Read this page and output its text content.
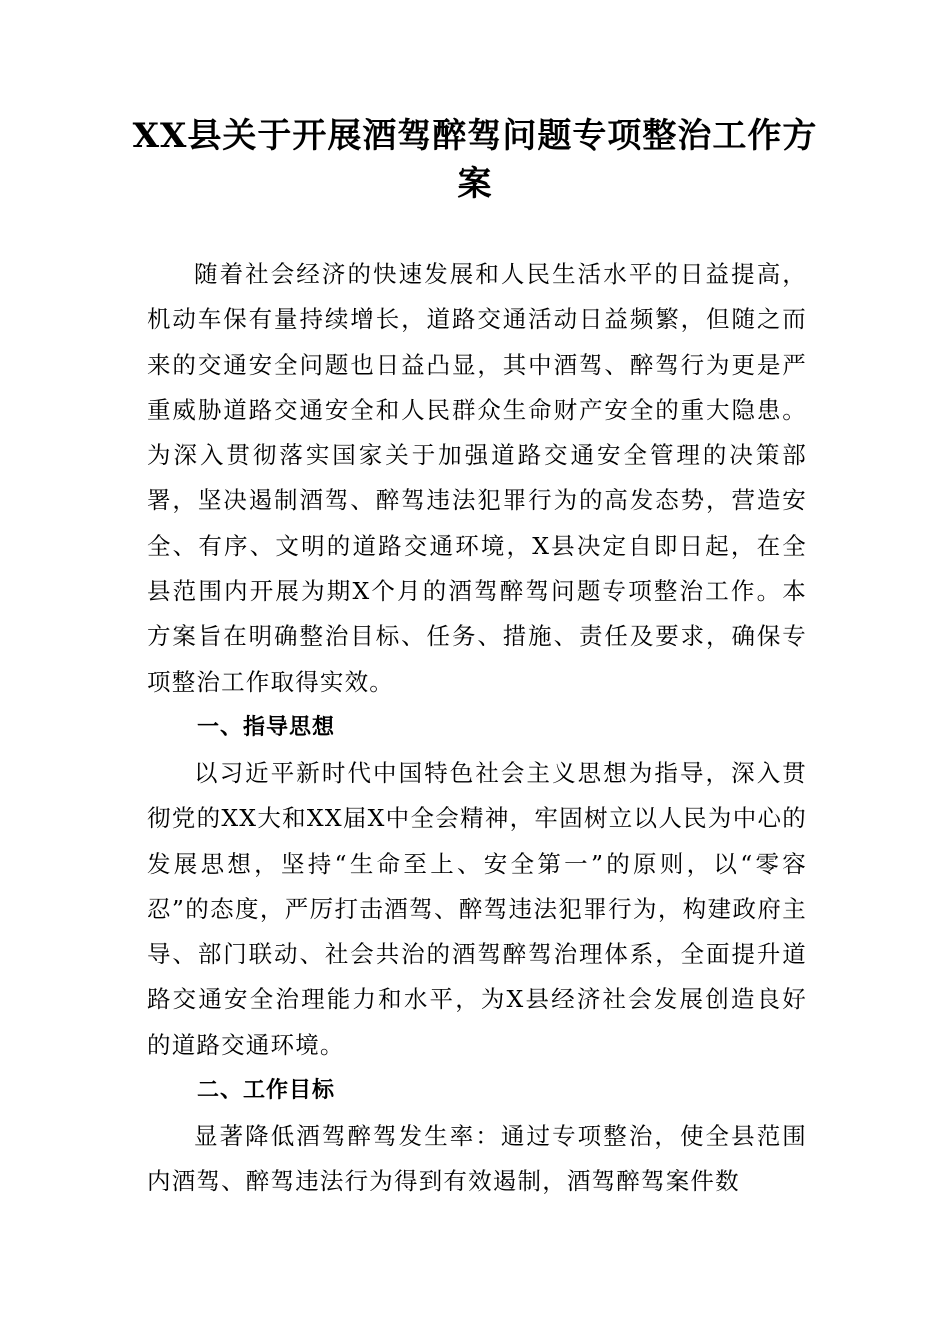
XX县关于开展酒驾醉驾问题专项整治工作方案

随着社会经济的快速发展和人民生活水平的日益提高，机动车保有量持续增长，道路交通活动日益频繁，但随之而来的交通安全问题也日益凸显，其中酒驾、醉驾行为更是严重威胁道路交通安全和人民群众生命财产安全的重大隐患。为深入贯彻落实国家关于加强道路交通安全管理的决策部署，坚决遏制酒驾、醉驾违法犯罪行为的高发态势，营造安全、有序、文明的道路交通环境，X县决定自即日起，在全县范围内开展为期X个月的酒驾醉驾问题专项整治工作。本方案旨在明确整治目标、任务、措施、责任及要求，确保专项整治工作取得实效。

一、指导思想

以习近平新时代中国特色社会主义思想为指导，深入贯彻党的XX大和XX届X中全会精神，牢固树立以人民为中心的发展思想，坚持“生命至上、安全第一”的原则，以“零容忍”的态度，严厉打击酒驾、醉驾违法犯罪行为，构建政府主导、部门联动、社会共治的酒驾醉驾治理体系，全面提升道路交通安全治理能力和水平，为X县经济社会发展创造良好的道路交通环境。

二、工作目标

显著降低酒驾醉驾发生率：通过专项整治，使全县范围内酒驾、醉驾违法行为得到有效遏制，酒驾醉驾案件数
